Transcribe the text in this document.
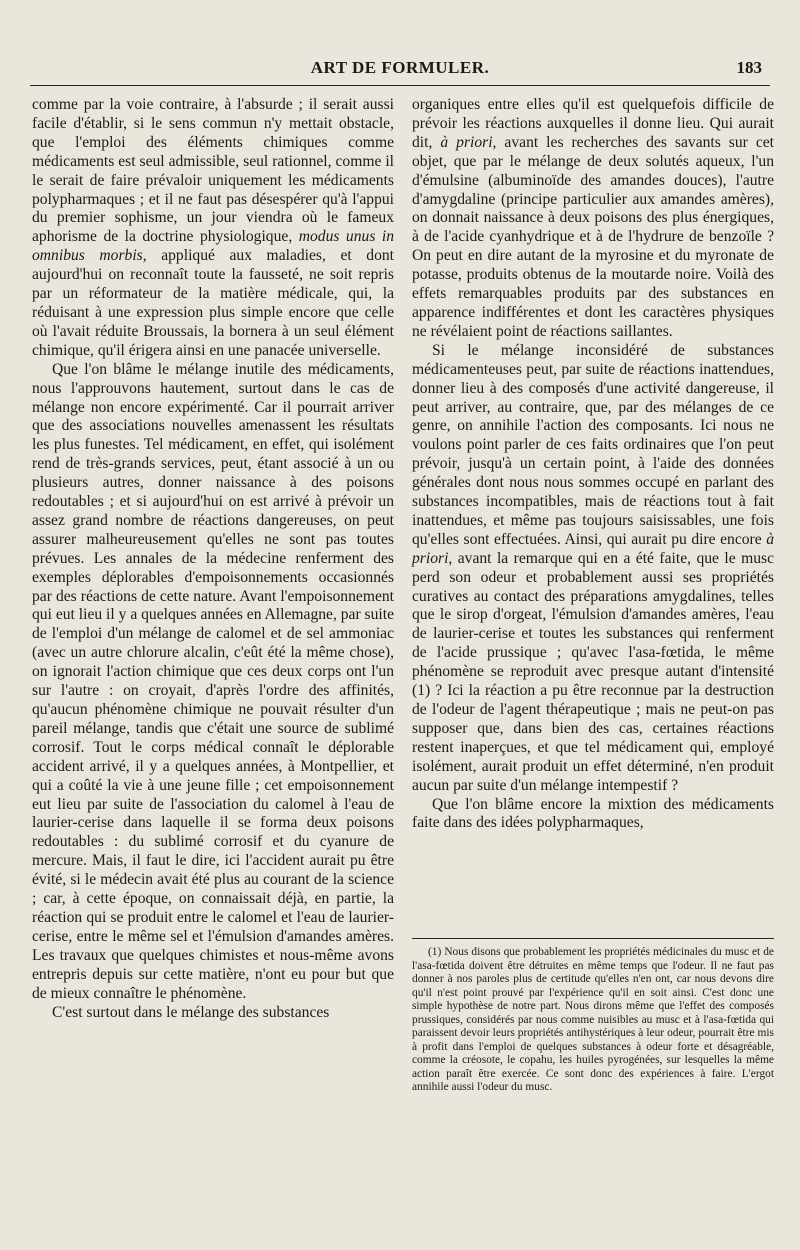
ART DE FORMULER.	183

comme par la voie contraire, à l'absurde ; il serait aussi facile d'établir, si le sens commun n'y mettait obstacle, que l'emploi des éléments chimiques comme médicaments est seul admissible, seul rationnel, comme il le serait de faire prévaloir uniquement les médicaments polypharmaques ; et il ne faut pas désespérer qu'à l'appui du premier sophisme, un jour viendra où le fameux aphorisme de la doctrine physiologique, modus unus in omnibus morbis, appliqué aux maladies, et dont aujourd'hui on reconnaît toute la fausseté, ne soit repris par un réformateur de la matière médicale, qui, la réduisant à une expression plus simple encore que celle où l'avait réduite Broussais, la bornera à un seul élément chimique, qu'il érigera ainsi en une panacée universelle.

Que l'on blâme le mélange inutile des médicaments, nous l'approuvons hautement, surtout dans le cas de mélange non encore expérimenté. Car il pourrait arriver que des associations nouvelles amenassent les résultats les plus funestes. Tel médicament, en effet, qui isolément rend de très-grands services, peut, étant associé à un ou plusieurs autres, donner naissance à des poisons redoutables ; et si aujourd'hui on est arrivé à prévoir un assez grand nombre de réactions dangereuses, on peut assurer malheureusement qu'elles ne sont pas toutes prévues. Les annales de la médecine renferment des exemples déplorables d'empoisonnements occasionnés par des réactions de cette nature. Avant l'empoisonnement qui eut lieu il y a quelques années en Allemagne, par suite de l'emploi d'un mélange de calomel et de sel ammoniac (avec un autre chlorure alcalin, c'eût été la même chose), on ignorait l'action chimique que ces deux corps ont l'un sur l'autre : on croyait, d'après l'ordre des affinités, qu'aucun phénomène chimique ne pouvait résulter d'un pareil mélange, tandis que c'était une source de sublimé corrosif. Tout le corps médical connaît le déplorable accident arrivé, il y a quelques années, à Montpellier, et qui a coûté la vie à une jeune fille ; cet empoisonnement eut lieu par suite de l'association du calomel à l'eau de laurier-cerise dans laquelle il se forma deux poisons redoutables : du sublimé corrosif et du cyanure de mercure. Mais, il faut le dire, ici l'accident aurait pu être évité, si le médecin avait été plus au courant de la science ; car, à cette époque, on connaissait déjà, en partie, la réaction qui se produit entre le calomel et l'eau de laurier-cerise, entre le même sel et l'émulsion d'amandes amères. Les travaux que quelques chimistes et nous-même avons entrepris depuis sur cette matière, n'ont eu pour but que de mieux connaître le phénomène.

C'est surtout dans le mélange des substances

organiques entre elles qu'il est quelquefois difficile de prévoir les réactions auxquelles il donne lieu. Qui aurait dit, à priori, avant les recherches des savants sur cet objet, que par le mélange de deux solutés aqueux, l'un d'émulsine (albuminoïde des amandes douces), l'autre d'amygdaline (principe particulier aux amandes amères), on donnait naissance à deux poisons des plus énergiques, à de l'acide cyanhydrique et à de l'hydrure de benzoïle ? On peut en dire autant de la myrosine et du myronate de potasse, produits obtenus de la moutarde noire. Voilà des effets remarquables produits par des substances en apparence indifférentes et dont les caractères physiques ne révélaient point de réactions saillantes.

Si le mélange inconsidéré de substances médicamenteuses peut, par suite de réactions inattendues, donner lieu à des composés d'une activité dangereuse, il peut arriver, au contraire, que, par des mélanges de ce genre, on annihile l'action des composants. Ici nous ne voulons point parler de ces faits ordinaires que l'on peut prévoir, jusqu'à un certain point, à l'aide des données générales dont nous nous sommes occupé en parlant des substances incompatibles, mais de réactions tout à fait inattendues, et même pas toujours saisissables, une fois qu'elles sont effectuées. Ainsi, qui aurait pu dire encore à priori, avant la remarque qui en a été faite, que le musc perd son odeur et probablement aussi ses propriétés curatives au contact des préparations amygdalines, telles que le sirop d'orgeat, l'émulsion d'amandes amères, l'eau de laurier-cerise et toutes les substances qui renferment de l'acide prussique ; qu'avec l'asa-fœtida, le même phénomène se reproduit avec presque autant d'intensité (1) ? Ici la réaction a pu être reconnue par la destruction de l'odeur de l'agent thérapeutique ; mais ne peut-on pas supposer que, dans bien des cas, certaines réactions restent inaperçues, et que tel médicament qui, employé isolément, aurait produit un effet déterminé, n'en produit aucun par suite d'un mélange intempestif ?

Que l'on blâme encore la mixtion des médicaments faite dans des idées polypharmaques,

(1) Nous disons que probablement les propriétés médicinales du musc et de l'asa-fœtida doivent être détruites en même temps que l'odeur. Il ne faut pas donner à nos paroles plus de certitude qu'elles n'en ont, car nous devons dire qu'il n'est point prouvé par l'expérience qu'il en soit ainsi. C'est donc une simple hypothèse de notre part. Nous dirons même que l'effet des composés prussiques, considérés par nous comme nuisibles au musc et à l'asa-fœtida qui paraissent devoir leurs propriétés antihystériques à leur odeur, pourrait être mis à profit dans l'emploi de quelques substances à odeur forte et désagréable, comme la créosote, le copahu, les huiles pyrogénées, sur lesquelles la même action paraît être exercée. Ce sont donc des expériences à faire. L'ergot annihile aussi l'odeur du musc.
